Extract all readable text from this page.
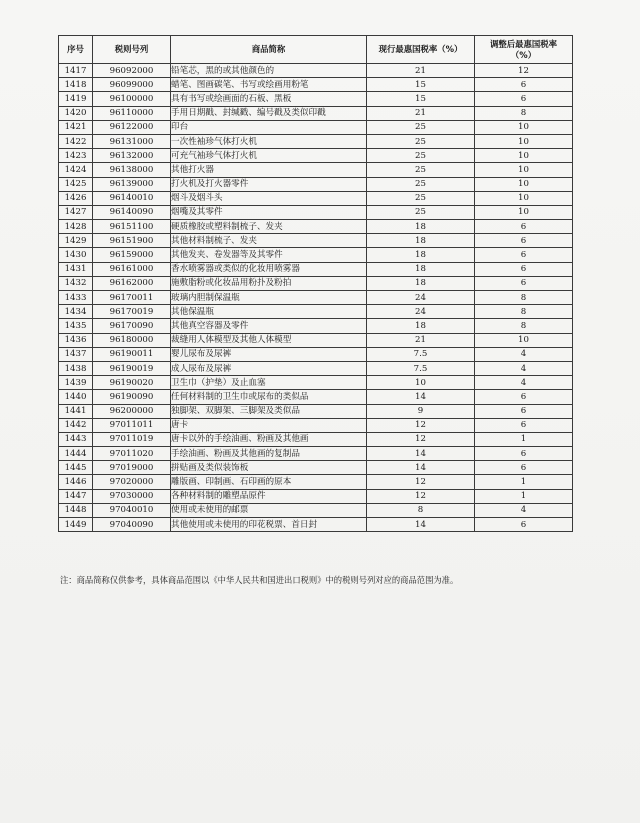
序号	税则号列	商品简称	现行最惠国税率（%）	调整后最惠国税率
（%）
1417	96092000	铅笔芯，黑的或其他颜色的	21	12
1418	96099000	蜡笔、图画碳笔、书写或绘画用粉笔	15	6
1419	96100000	具有书写或绘画面的石板、黑板	15	6
1420	96110000	手用日期戳、封缄戳、编号戳及类似印戳	21	8
1421	96122000	印台	25	10
1422	96131000	一次性袖珍气体打火机	25	10
1423	96132000	可充气袖珍气体打火机	25	10
1424	96138000	其他打火器	25	10
1425	96139000	打火机及打火器零件	25	10
1426	96140010	烟斗及烟斗头	25	10
1427	96140090	烟嘴及其零件	25	10
1428	96151100	硬质橡胶或塑料制梳子、发夹	18	6
1429	96151900	其他材料制梳子、发夹	18	6
1430	96159000	其他发夹、卷发器等及其零件	18	6
1431	96161000	香水喷雾器或类似的化妆用喷雾器	18	6
1432	96162000	施敷脂粉或化妆品用粉扑及粉拍	18	6
1433	96170011	玻璃内胆制保温瓶	24	8
1434	96170019	其他保温瓶	24	8
1435	96170090	其他真空容器及零件	18	8
1436	96180000	裁缝用人体模型及其他人体模型	21	10
1437	96190011	婴儿尿布及尿裤	7.5	4
1438	96190019	成人尿布及尿裤	7.5	4
1439	96190020	卫生巾（护垫）及止血塞	10	4
1440	96190090	任何材料制的卫生巾或尿布的类似品	14	6
1441	96200000	独脚架、双脚架、三脚架及类似品	9	6
1442	97011011	唐卡	12	6
1443	97011019	唐卡以外的手绘油画、粉画及其他画	12	1
1444	97011020	手绘油画、粉画及其他画的复制品	14	6
1445	97019000	拼贴画及类似装饰板	14	6
1446	97020000	雕版画、印制画、石印画的原本	12	1
1447	97030000	各种材料制的雕塑品原件	12	1
1448	97040010	使用或未使用的邮票	8	4
1449	97040090	其他使用或未使用的印花税票、首日封	14	6
注：商品简称仅供参考，具体商品范围以《中华人民共和国进出口税则》中的税则号列对应的商品范围为准。
